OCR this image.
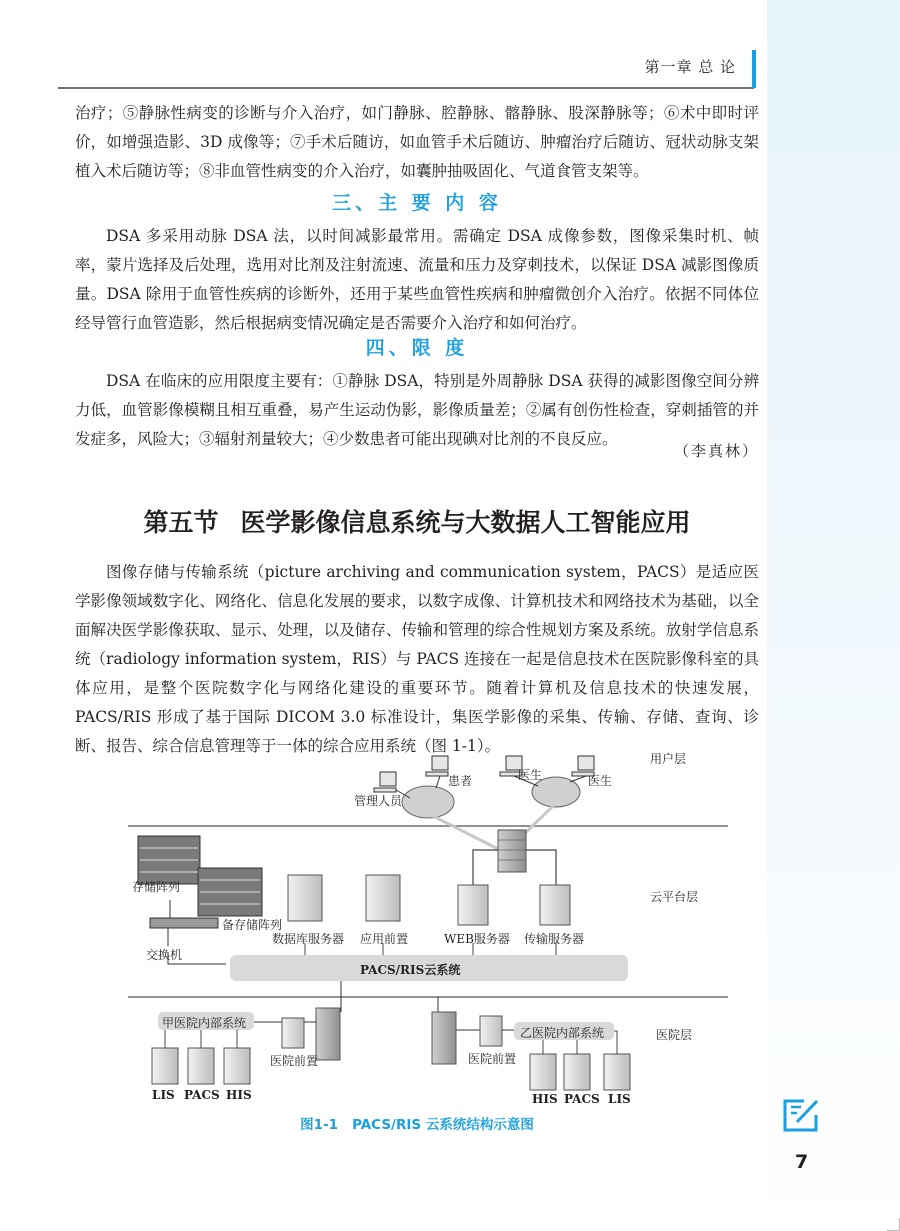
第一章 总 论
治疗；⑤静脉性病变的诊断与介入治疗，如门静脉、腔静脉、髂静脉、股深静脉等；⑥术中即时评价，如增强造影、3D 成像等；⑦手术后随访，如血管手术后随访、肿瘤治疗后随访、冠状动脉支架植入术后随访等；⑧非血管性病变的介入治疗，如囊肿抽吸固化、气道食管支架等。
三、主 要 内 容
DSA 多采用动脉 DSA 法，以时间减影最常用。需确定 DSA 成像参数，图像采集时机、帧率，蒙片选择及后处理，选用对比剂及注射流速、流量和压力及穿刺技术，以保证 DSA 减影图像质量。DSA 除用于血管性疾病的诊断外，还用于某些血管性疾病和肿瘤微创介入治疗。依据不同体位经导管行血管造影，然后根据病变情况确定是否需要介入治疗和如何治疗。
四、限 度
DSA 在临床的应用限度主要有：①静脉 DSA，特别是外周静脉 DSA 获得的减影图像空间分辨力低，血管影像模糊且相互重叠，易产生运动伪影，影像质量差；②属有创伤性检查，穿刺插管的并发症多，风险大；③辐射剂量较大；④少数患者可能出现碘对比剂的不良反应。
（李真林）
第五节 医学影像信息系统与大数据人工智能应用
图像存储与传输系统（picture archiving and communication system，PACS）是适应医学影像领域数字化、网络化、信息化发展的要求，以数字成像、计算机技术和网络技术为基础，以全面解决医学影像获取、显示、处理，以及储存、传输和管理的综合性规划方案及系统。放射学信息系统（radiology information system，RIS）与 PACS 连接在一起是信息技术在医院影像科室的具体应用，是整个医院数字化与网络化建设的重要环节。随着计算机及信息技术的快速发展，PACS/RIS 形成了基于国际 DICOM 3.0 标准设计，集医学影像的采集、传输、存储、查询、诊断、报告、综合信息管理等于一体的综合应用系统（图 1-1）。
用户层
云平台层
医院层
管理人员
患者	医生	医生
存储阵列
备存储阵列
交换机
数据库服务器 应用前置	WEB服务器 传输服务器
PACS/RIS云系统
甲医院内部系统
医院前置
LIS PACS HIS
乙医院内部系统
医院前置
HIS PACS LIS
图1-1 PACS/RIS 云系统结构示意图
7
